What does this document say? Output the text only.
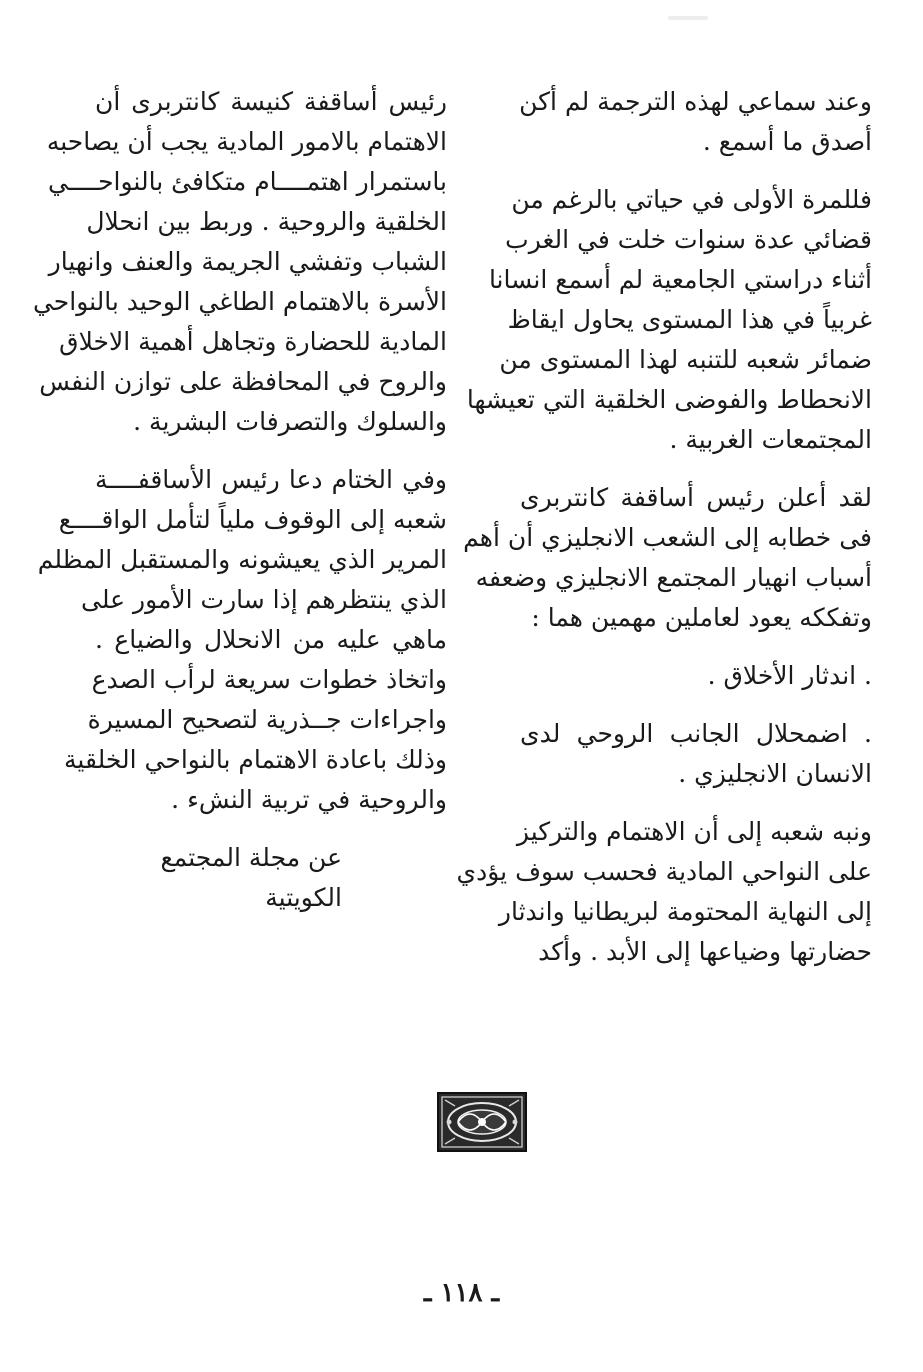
وعند سماعي لهذه الترجمة لم أكن
أصدق ما أسمع .
فللمرة الأولى في حياتي بالرغم من
قضائي عدة سنوات خلت في الغرب
أثناء دراستي الجامعية لم أسمع انسانا
غربياً في هذا المستوى يحاول ايقاظ
ضمائر شعبه للتنبه لهذا المستوى من
الانحطاط والفوضى الخلقية التي تعيشها
المجتمعات الغربية .
لقد أعلن رئيس أساقفة كانتربرى
فى خطابه إلى الشعب الانجليزي أن أهم
أسباب انهيار المجتمع الانجليزي وضعفه
وتفككه يعود لعاملين مهمين هما :
. اندثار الأخلاق .
. اضمحلال الجانب الروحي لدى
الانسان الانجليزي .
ونبه شعبه إلى أن الاهتمام والتركيز
على النواحي المادية فحسب سوف يؤدي
إلى النهاية المحتومة لبريطانيا واندثار
حضارتها وضياعها إلى الأبد . وأكد
رئيس أساقفة كنيسة كانتربرى أن
الاهتمام بالامور المادية يجب أن يصاحبه
باستمرار اهتمــــام متكافئ بالنواحــــي
الخلقية والروحية . وربط بين انحلال
الشباب وتفشي الجريمة والعنف وانهيار
الأسرة بالاهتمام الطاغي الوحيد بالنواحي
المادية للحضارة وتجاهل أهمية الاخلاق
والروح في المحافظة على توازن النفس
والسلوك والتصرفات البشرية .
وفي الختام دعا رئيس الأساقفــــة
شعبه إلى الوقوف ملياً لتأمل الواقــــع
المرير الذي يعيشونه والمستقبل المظلم
الذي ينتظرهم إذا سارت الأمور على
ماهي عليه من الانحلال والضياع .
واتخاذ خطوات سريعة لرأب الصدع
واجراءات جــذرية لتصحيح المسيرة
وذلك باعادة الاهتمام بالنواحي الخلقية
والروحية في تربية النشء .
عن مجلة المجتمع الكويتية
ـ ١١٨ ـ
